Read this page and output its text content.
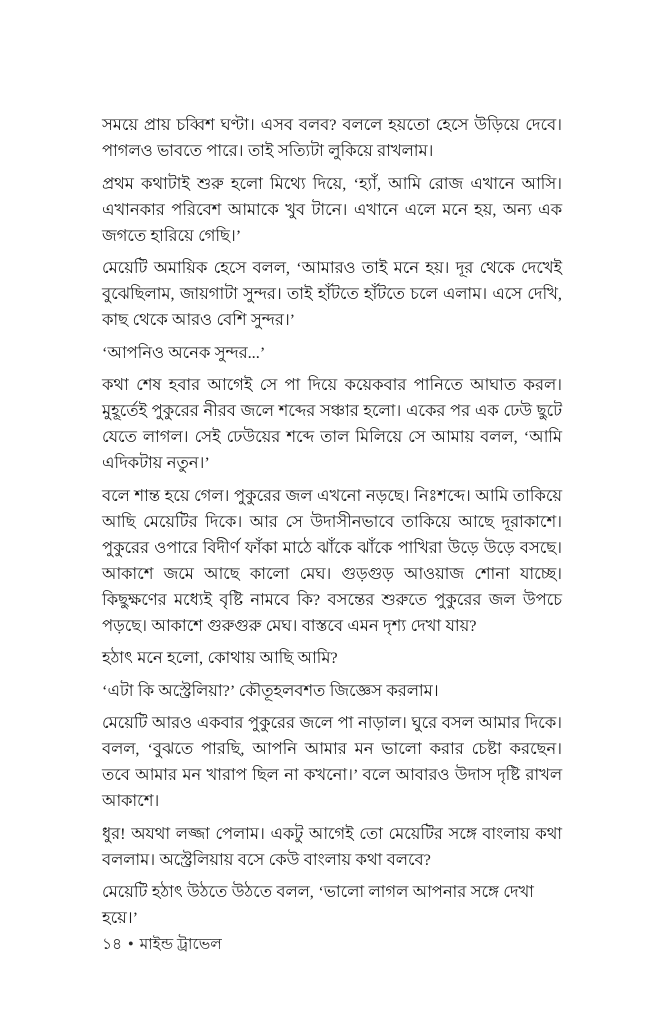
সময়ে প্রায় চব্বিশ ঘণ্টা। এসব বলব? বললে হয়তো হেসে উড়িয়ে দেবে। পাগলও ভাবতে পারে। তাই সত্যিটা লুকিয়ে রাখলাম।

প্রথম কথাটাই শুরু হলো মিথ্যে দিয়ে, ‘হ্যাঁ, আমি রোজ এখানে আসি। এখানকার পরিবেশ আমাকে খুব টানে। এখানে এলে মনে হয়, অন্য এক জগতে হারিয়ে গেছি।’

মেয়েটি অমায়িক হেসে বলল, ‘আমারও তাই মনে হয়। দূর থেকে দেখেই বুঝেছিলাম, জায়গাটা সুন্দর। তাই হাঁটতে হাঁটতে চলে এলাম। এসে দেখি, কাছ থেকে আরও বেশি সুন্দর।’

‘আপনিও অনেক সুন্দর...’

কথা শেষ হবার আগেই সে পা দিয়ে কয়েকবার পানিতে আঘাত করল। মুহূর্তেই পুকুরের নীরব জলে শব্দের সঞ্চার হলো। একের পর এক ঢেউ ছুটে যেতে লাগল। সেই ঢেউয়ের শব্দে তাল মিলিয়ে সে আমায় বলল, ‘আমি এদিকটায় নতুন।’

বলে শান্ত হয়ে গেল। পুকুরের জল এখনো নড়ছে। নিঃশব্দে। আমি তাকিয়ে আছি মেয়েটির দিকে। আর সে উদাসীনভাবে তাকিয়ে আছে দূরাকাশে। পুকুরের ওপারে বিদীর্ণ ফাঁকা মাঠে ঝাঁকে ঝাঁকে পাখিরা উড়ে উড়ে বসছে। আকাশে জমে আছে কালো মেঘ। গুড়গুড় আওয়াজ শোনা যাচ্ছে। কিছুক্ষণের মধ্যেই বৃষ্টি নামবে কি? বসন্তের শুরুতে পুকুরের জল উপচে পড়ছে। আকাশে গুরুগুরু মেঘ। বাস্তবে এমন দৃশ্য দেখা যায়?

হঠাৎ মনে হলো, কোথায় আছি আমি?

‘এটা কি অস্ট্রেলিয়া?’ কৌতূহলবশত জিজ্ঞেস করলাম।

মেয়েটি আরও একবার পুকুরের জলে পা নাড়াল। ঘুরে বসল আমার দিকে। বলল, ‘বুঝতে পারছি, আপনি আমার মন ভালো করার চেষ্টা করছেন। তবে আমার মন খারাপ ছিল না কখনো।’ বলে আবারও উদাস দৃষ্টি রাখল আকাশে।

ধুর! অযথা লজ্জা পেলাম। একটু আগেই তো মেয়েটির সঙ্গে বাংলায় কথা বললাম। অস্ট্রেলিয়ায় বসে কেউ বাংলায় কথা বলবে?

মেয়েটি হঠাৎ উঠতে উঠতে বলল, ‘ভালো লাগল আপনার সঙ্গে দেখা হয়ে।’

১৪ ● মাইন্ড ট্রাভেল
